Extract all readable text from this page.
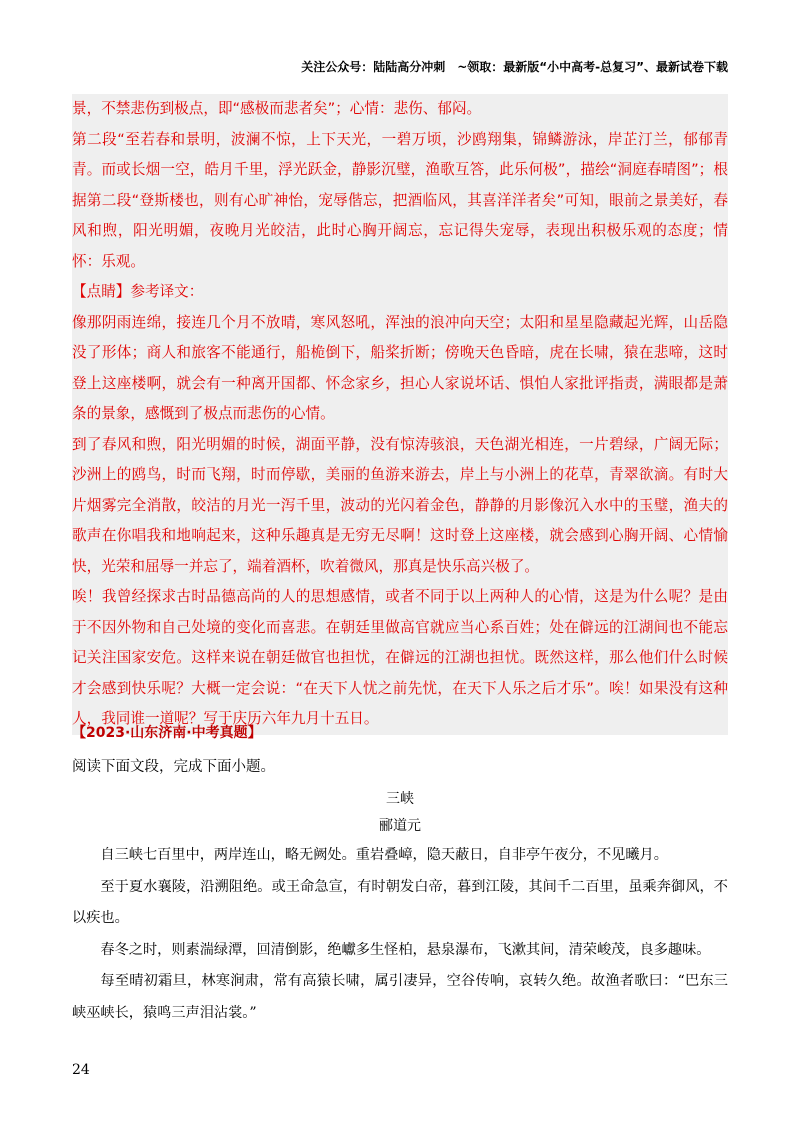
关注公众号：陆陆高分冲刺　~领取：最新版“小中高考-总复习”、最新试卷下载

景，不禁悲伤到极点，即“感极而悲者矣”；心情：悲伤、郁闷。

第二段“至若春和景明，波澜不惊，上下天光，一碧万顷，沙鸥翔集，锦鳞游泳，岸芷汀兰，郁郁青青。而或长烟一空，皓月千里，浮光跃金，静影沉璧，渔歌互答，此乐何极”，描绘“洞庭春晴图”；根据第二段“登斯楼也，则有心旷神怡，宠辱偕忘，把酒临风，其喜洋洋者矣”可知，眼前之景美好，春风和煦，阳光明媚，夜晚月光皎洁，此时心胸开阔忘，忘记得失宠辱，表现出积极乐观的态度；情怀：乐观。

【点睛】参考译文：

像那阴雨连绵，接连几个月不放晴，寒风怒吼，浑浊的浪冲向天空；太阳和星星隐藏起光辉，山岳隐没了形体；商人和旅客不能通行，船桅倒下，船桨折断；傍晚天色昏暗，虎在长啸，猿在悲啼，这时登上这座楼啊，就会有一种离开国都、怀念家乡，担心人家说坏话、惧怕人家批评指责，满眼都是萧条的景象，感慨到了极点而悲伤的心情。

到了春风和煦，阳光明媚的时候，湖面平静，没有惊涛骇浪，天色湖光相连，一片碧绿，广阔无际；沙洲上的鸥鸟，时而飞翔，时而停歇，美丽的鱼游来游去，岸上与小洲上的花草，青翠欲滴。有时大片烟雾完全消散，皎洁的月光一泻千里，波动的光闪着金色，静静的月影像沉入水中的玉璧，渔夫的歌声在你唱我和地响起来，这种乐趣真是无穷无尽啊！这时登上这座楼，就会感到心胸开阔、心情愉快，光荣和屈辱一并忘了，端着酒杯，吹着微风，那真是快乐高兴极了。

唉！我曾经探求古时品德高尚的人的思想感情，或者不同于以上两种人的心情，这是为什么呢？是由于不因外物和自己处境的变化而喜悲。在朝廷里做高官就应当心系百姓；处在僻远的江湖间也不能忘记关注国家安危。这样来说在朝廷做官也担忧，在僻远的江湖也担忧。既然这样，那么他们什么时候才会感到快乐呢？大概一定会说：“在天下人忧之前先忧，在天下人乐之后才乐”。唉！如果没有这种人，我同谁一道呢？写于庆历六年九月十五日。

【2023·山东济南·中考真题】
阅读下面文段，完成下面小题。
三峡
郦道元

自三峡七百里中，两岸连山，略无阙处。重岩叠嶂，隐天蔽日，自非亭午夜分，不见曦月。

至于夏水襄陵，沿溯阻绝。或王命急宣，有时朝发白帝，暮到江陵，其间千二百里，虽乘奔御风，不以疾也。

春冬之时，则素湍绿潭，回清倒影，绝巘多生怪柏，悬泉瀑布，飞漱其间，清荣峻茂，良多趣味。

每至晴初霜旦，林寒涧肃，常有高猿长啸，属引凄异，空谷传响，哀转久绝。故渔者歌曰：“巴东三峡巫峡长，猿鸣三声泪沾裳。”

24
